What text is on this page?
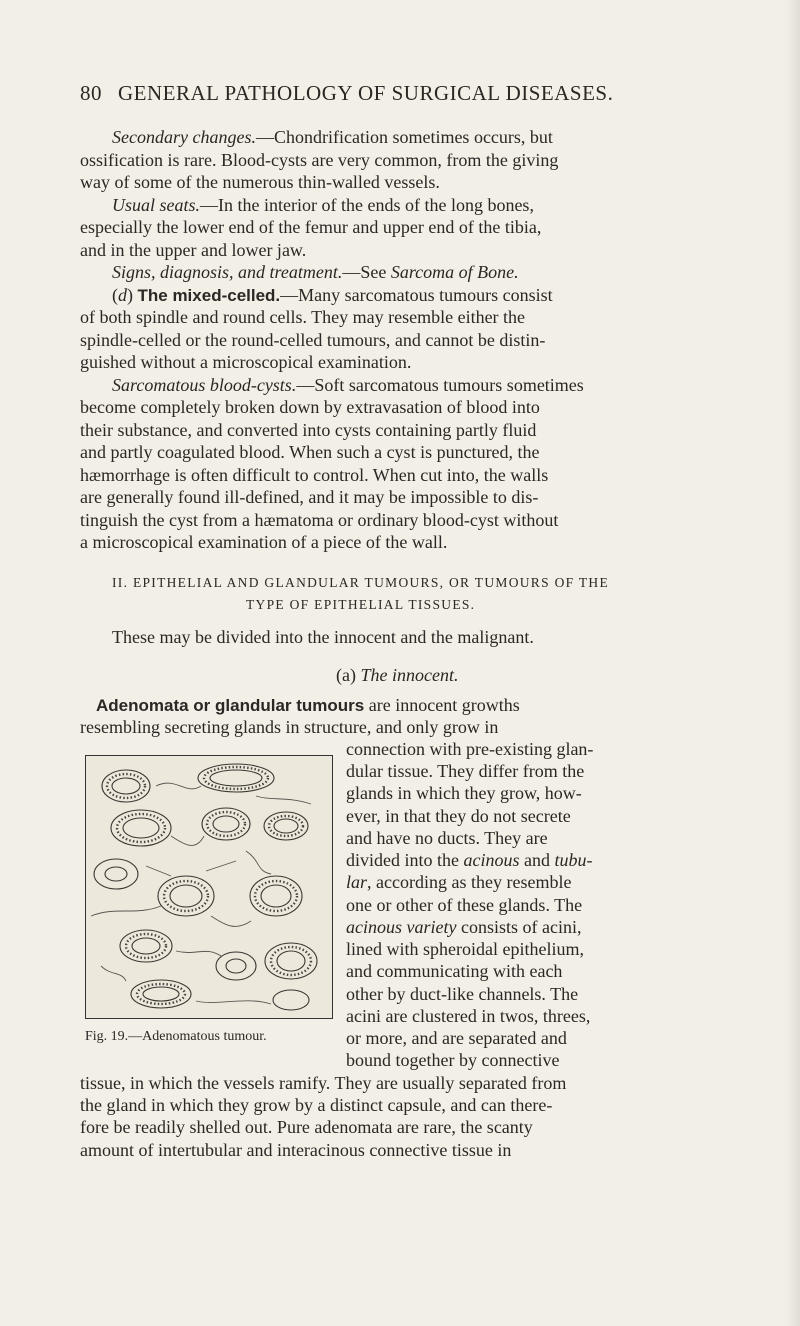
80 GENERAL PATHOLOGY OF SURGICAL DISEASES.
Secondary changes.—Chondrification sometimes occurs, but
ossification is rare. Blood-cysts are very common, from the giving
way of some of the numerous thin-walled vessels.
Usual seats.—In the interior of the ends of the long bones,
especially the lower end of the femur and upper end of the tibia,
and in the upper and lower jaw.
Signs, diagnosis, and treatment.—See Sarcoma of Bone.
(d) The mixed-celled.—Many sarcomatous tumours consist
of both spindle and round cells. They may resemble either the
spindle-celled or the round-celled tumours, and cannot be distin-
guished without a microscopical examination.
Sarcomatous blood-cysts.—Soft sarcomatous tumours sometimes
become completely broken down by extravasation of blood into
their substance, and converted into cysts containing partly fluid
and partly coagulated blood. When such a cyst is punctured, the
hæmorrhage is often difficult to control. When cut into, the walls
are generally found ill-defined, and it may be impossible to dis-
tinguish the cyst from a hæmatoma or ordinary blood-cyst without
a microscopical examination of a piece of the wall.
II. EPITHELIAL AND GLANDULAR TUMOURS, OR TUMOURS OF THE
TYPE OF EPITHELIAL TISSUES.
These may be divided into the innocent and the malignant.
(a) The innocent.
Adenomata or glandular tumours are innocent growths
resembling secreting glands in structure, and only grow in
connection with pre-existing glan-
dular tissue. They differ from the
glands in which they grow, how-
ever, in that they do not secrete
and have no ducts. They are
divided into the acinous and tubu-
lar, according as they resemble
one or other of these glands. The
acinous variety consists of acini,
lined with spheroidal epithelium,
and communicating with each
other by duct-like channels. The
acini are clustered in twos, threes,
or more, and are separated and
bound together by connective
tissue, in which the vessels ramify. They are usually separated from
the gland in which they grow by a distinct capsule, and can there-
fore be readily shelled out. Pure adenomata are rare, the scanty
amount of intertubular and interacinous connective tissue in
Fig. 19.—Adenomatous tumour.
